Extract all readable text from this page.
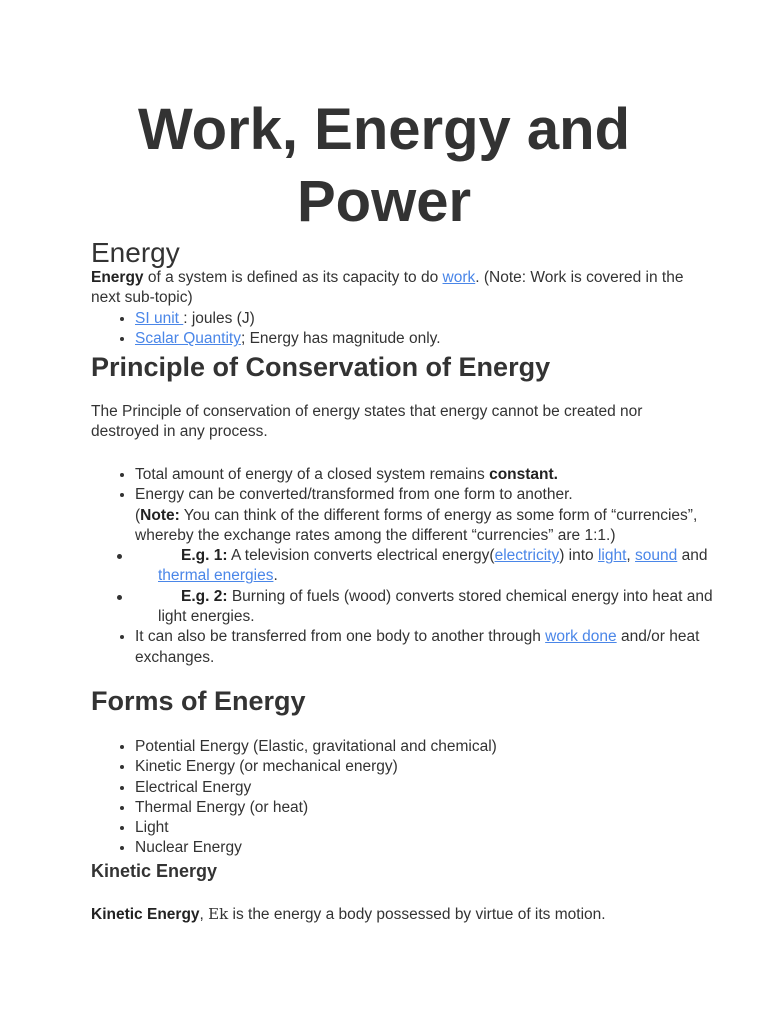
Work, Energy and Power
Energy

Energy of a system is defined as its capacity to do work. (Note: Work is covered in the next sub-topic)

• SI unit : joules (J)
• Scalar Quantity; Energy has magnitude only.
Principle of Conservation of Energy

The Principle of conservation of energy states that energy cannot be created nor destroyed in any process.

• Total amount of energy of a closed system remains constant.
• Energy can be converted/transformed from one form to another.
(Note: You can think of the different forms of energy as some form of “currencies”, whereby the exchange rates among the different “currencies” are 1:1.)
E.g. 1: A television converts electrical energy(electricity) into light, sound and thermal energies.
E.g. 2: Burning of fuels (wood) converts stored chemical energy into heat and light energies.
• It can also be transferred from one body to another through work done and/or heat exchanges.
Forms of Energy
• Potential Energy (Elastic, gravitational and chemical)
• Kinetic Energy (or mechanical energy)
• Electrical Energy
• Thermal Energy (or heat)
• Light
• Nuclear Energy
Kinetic Energy

Kinetic Energy, Ek is the energy a body possessed by virtue of its motion.
